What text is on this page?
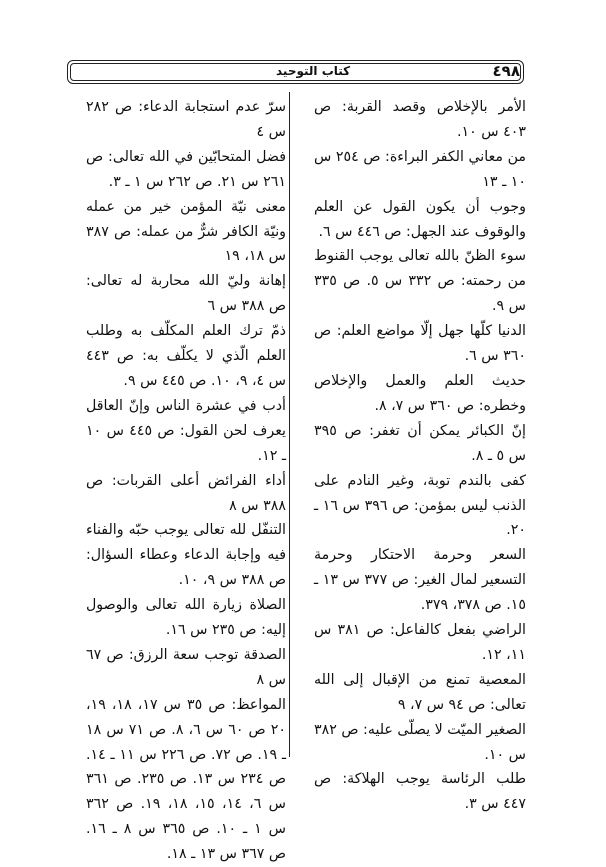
٤٩٨
كتاب التوحيد

الأمر بالإخلاص وقصد القربة: ص ٤٠٣ س ١٠.

من معاني الكفر البراءة: ص ٢٥٤ س ١٠ ـ ١٣

وجوب أن يكون القول عن العلم والوقوف عند الجهل: ص ٤٤٦ س ٦.

سوء الظنّ بالله تعالى يوجب القنوط من رحمته: ص ٣٣٢ س ٥. ص ٣٣٥ س ٩.

الدنيا كلّها جهل إلّا مواضع العلم: ص ٣٦٠ س ٦.

حديث العلم والعمل والإخلاص وخطره: ص ٣٦٠ س ٧، ٨.

إنّ الكبائر يمكن أن تغفر: ص ٣٩٥ س ٥ ـ ٨.

كفى بالندم توبة، وغير النادم على الذنب ليس بمؤمن: ص ٣٩٦ س ١٦ ـ ٢٠.

السعر وحرمة الاحتكار وحرمة التسعير لمال الغير: ص ٣٧٧ س ١٣ ـ ١٥. ص ٣٧٨، ٣٧٩.

الراضي بفعل كالفاعل: ص ٣٨١ س ١١، ١٢.

المعصية تمنع من الإقبال إلى الله تعالى: ص ٩٤ س ٧، ٩

الصغير الميّت لا يصلّى عليه: ص ٣٨٢ س ١٠.

طلب الرئاسة يوجب الهلاكة: ص ٤٤٧ س ٣.

سرّ عدم استجابة الدعاء: ص ٢٨٢ س ٤

فضل المتحابّين في الله تعالى: ص ٢٦١ س ٢١. ص ٢٦٢ س ١ ـ ٣.

معنى نيّة المؤمن خير من عمله ونيّة الكافر شرٌّ من عمله: ص ٣٨٧ س ١٨، ١٩

إهانة وليّ الله محاربة له تعالى: ص ٣٨٨ س ٦

ذمّ ترك العلم المكلّف به وطلب العلم الّذي لا يكلّف به: ص ٤٤٣ س ٤، ٩، ١٠. ص ٤٤٥ س ٩.

أدب في عشرة الناس وإنّ العاقل يعرف لحن القول: ص ٤٤٥ س ١٠ ـ ١٢.

أداء الفرائض أعلى القربات: ص ٣٨٨ س ٨

التنفّل لله تعالى يوجب حبّه والفناء فيه وإجابة الدعاء وعطاء السؤال: ص ٣٨٨ س ٩، ١٠.

الصلاة زيارة الله تعالى والوصول إليه: ص ٢٣٥ س ١٦.

الصدقة توجب سعة الرزق: ص ٦٧ س ٨

المواعظ: ص ٣٥ س ١٧، ١٨، ١٩، ٢٠ ص ٦٠ س ٦، ٨. ص ٧١ س ١٨ ـ ١٩. ص ٧٢. ص ٢٢٦ س ١١ ـ ١٤. ص ٢٣٤ س ١٣. ص ٢٣٥. ص ٣٦١ س ٦، ١٤، ١٥، ١٨، ١٩. ص ٣٦٢ س ١ ـ ١٠. ص ٣٦٥ س ٨ ـ ١٦. ص ٣٦٧ س ١٣ ـ ١٨.
